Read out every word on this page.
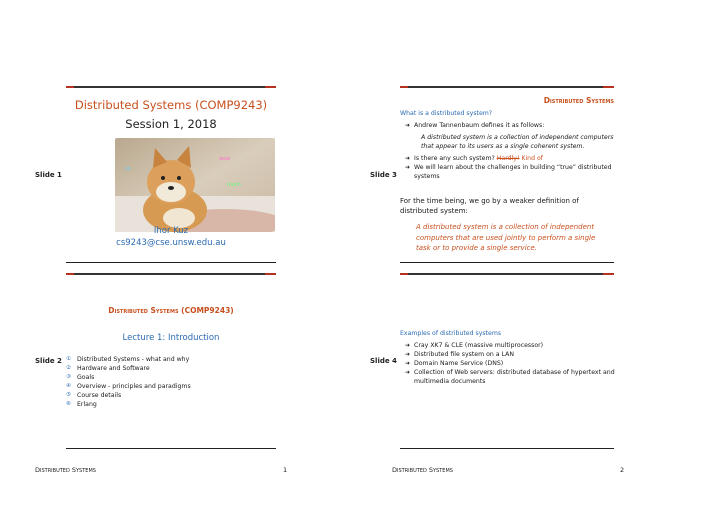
Slide 1
Distributed Systems (COMP9243)
Session 1, 2018
wow
so
much
Ihor Kuz
cs9243@cse.unsw.edu.au
Slide 3
Distributed Systems
What is a distributed system?
➜ Andrew Tannenbaum defines it as follows:
A distributed system is a collection of independent computers that appear to its users as a single coherent system.
➜ Is there any such system? Hardly! Kind of
➜ We will learn about the challenges in building “true” distributed systems
For the time being, we go by a weaker definition of distributed system:
A distributed system is a collection of independent computers that are used jointly to perform a single task or to provide a single service.
Slide 2
Distributed Systems (COMP9243)
Lecture 1: Introduction
① Distributed Systems - what and why
② Hardware and Software
③ Goals
④ Overview - principles and paradigms
⑤ Course details
⑥ Erlang
Slide 4
Examples of distributed systems
➜ Cray XK7 & CLE (massive multiprocessor)
➜ Distributed file system on a LAN
➜ Domain Name Service (DNS)
➜ Collection of Web servers: distributed database of hypertext and multimedia documents
Distributed Systems	1	Distributed Systems	2
